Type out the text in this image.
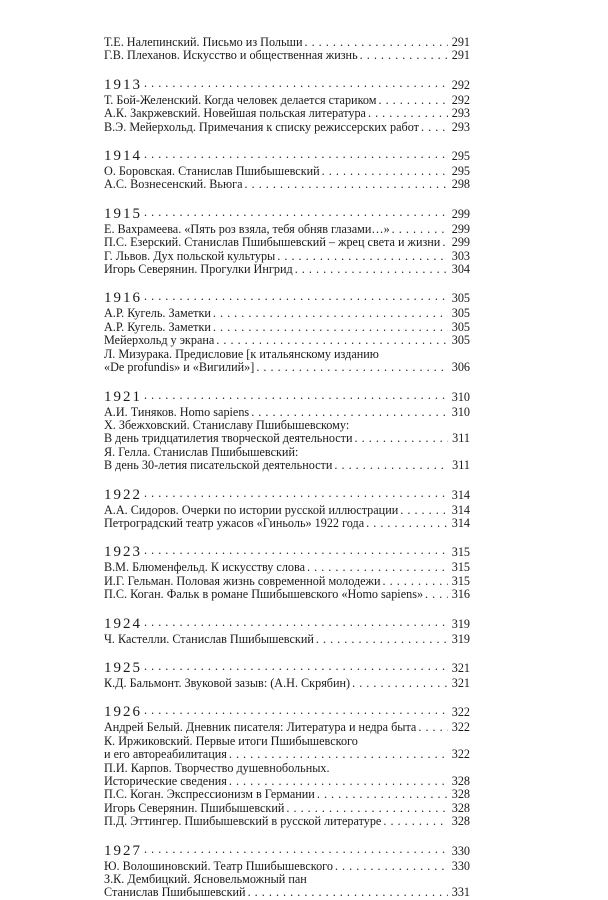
Т.Е. Налепинский. Письмо из Польши . . .	291
Г.В. Плеханов. Искусство и общественная жизнь . . .	291
1913 . . .	292
Т. Бой-Желенский. Когда человек делается стариком . . .	292
А.К. Закржевский. Новейшая польская литература . . .	293
В.Э. Мейерхольд. Примечания к списку режиссерских работ . . .	293
1914 . . .	295
О. Боровская. Станислав Пшибышевский . . .	295
А.С. Вознесенский. Вьюга . . .	298
1915 . . .	299
Е. Вахрамеева. «Пять роз взяла, тебя обняв глазами…» . . .	299
П.С. Езерский. Станислав Пшибышевский – жрец света и жизни . . . 299
Г. Львов. Дух польской культуры . . .	303
Игорь Северянин. Прогулки Ингрид . . .	304
1916 . . .	305
А.Р. Кугель. Заметки . . .	305
А.Р. Кугель. Заметки . . .	305
Мейерхольд у экрана . . .	305
Л. Мизурака. Предисловие [к итальянскому изданию
«De profundis» и «Вигилий»] . . .	306
1921 . . .	310
А.И. Тиняков. Homo sapiens . . .	310
Х. Збежховский. Станиславу Пшибышевскому:
В день тридцатилетия творческой деятельности . . .	311
Я. Гелла. Станислав Пшибышевский:
В день 30-летия писательской деятельности . . .	311
1922 . . .	314
А.А. Сидоров. Очерки по истории русской иллюстрации . . .	314
Петроградский театр ужасов «Гиньоль» 1922 года . . .	314
1923 . . .	315
В.М. Блюменфельд. К искусству слова . . .	315
И.Г. Гельман. Половая жизнь современной молодежи . . .	315
П.С. Коган. Фальк в романе Пшибышевского «Homo sapiens» . . . 316
1924 . . .	319
Ч. Кастелли. Станислав Пшибышевский . . .	319
1925 . . .	321
К.Д. Бальмонт. Звуковой зазыв: (А.Н. Скрябин) . . .	321
1926 . . .	322
Андрей Белый. Дневник писателя: Литература и недра быта . . .	322
К. Иржиковский. Первые итоги Пшибышевского
и его автореабилитация . . .	322
П.И. Карпов. Творчество душевнобольных.
Исторические сведения . . .	328
П.С. Коган. Экспрессионизм в Германии . . .	328
Игорь Северянин. Пшибышевский . . .	328
П.Д. Эттингер. Пшибышевский в русской литературе . . .	328
1927 . . .	330
Ю. Волошиновский. Театр Пшибышевского . . .	330
З.К. Дембицкий. Ясновельможный пан
Станислав Пшибышевский . . .	331
